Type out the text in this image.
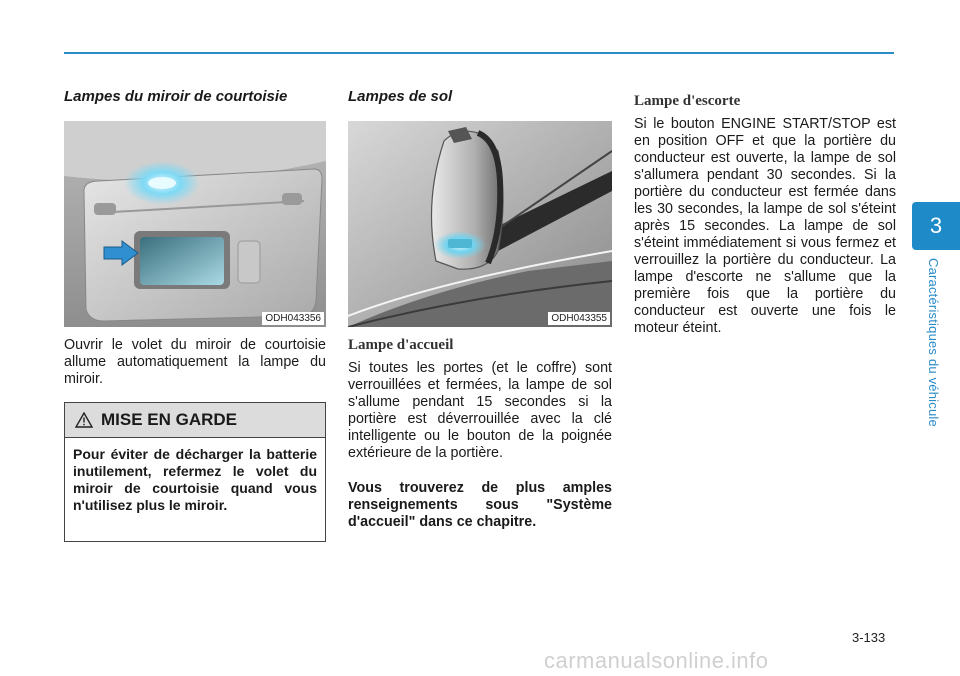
3
Caractéristiques du véhicule
Lampes du miroir de courtoisie
ODH043356

Ouvrir le volet du miroir de courtoisie allume automatiquement la lampe du miroir.

MISE EN GARDE
Pour éviter de décharger la batterie inutilement, refermez le volet du miroir de courtoisie quand vous n'utilisez plus le miroir.
Lampes de sol
ODH043355
Lampe d'accueil

Si toutes les portes (et le coffre) sont verrouillées et fermées, la lampe de sol s'allume pendant 15 secondes si la portière est déverrouillée avec la clé intelligente ou le bouton de la poignée extérieure de la portière.

Vous trouverez de plus amples renseignements sous "Système d'accueil" dans ce chapitre.

Lampe d'escorte

Si le bouton ENGINE START/STOP est en position OFF et que la portière du conducteur est ouverte, la lampe de sol s'allumera pendant 30 secondes. Si la portière du conducteur est fermée dans les 30 secondes, la lampe de sol s'éteint après 15 secondes. La lampe de sol s'éteint immédiatement si vous fermez et verrouillez la portière du conducteur. La lampe d'escorte ne s'allume que la première fois que la portière du conducteur est ouverte une fois le moteur éteint.

3-133
carmanualsonline.info
